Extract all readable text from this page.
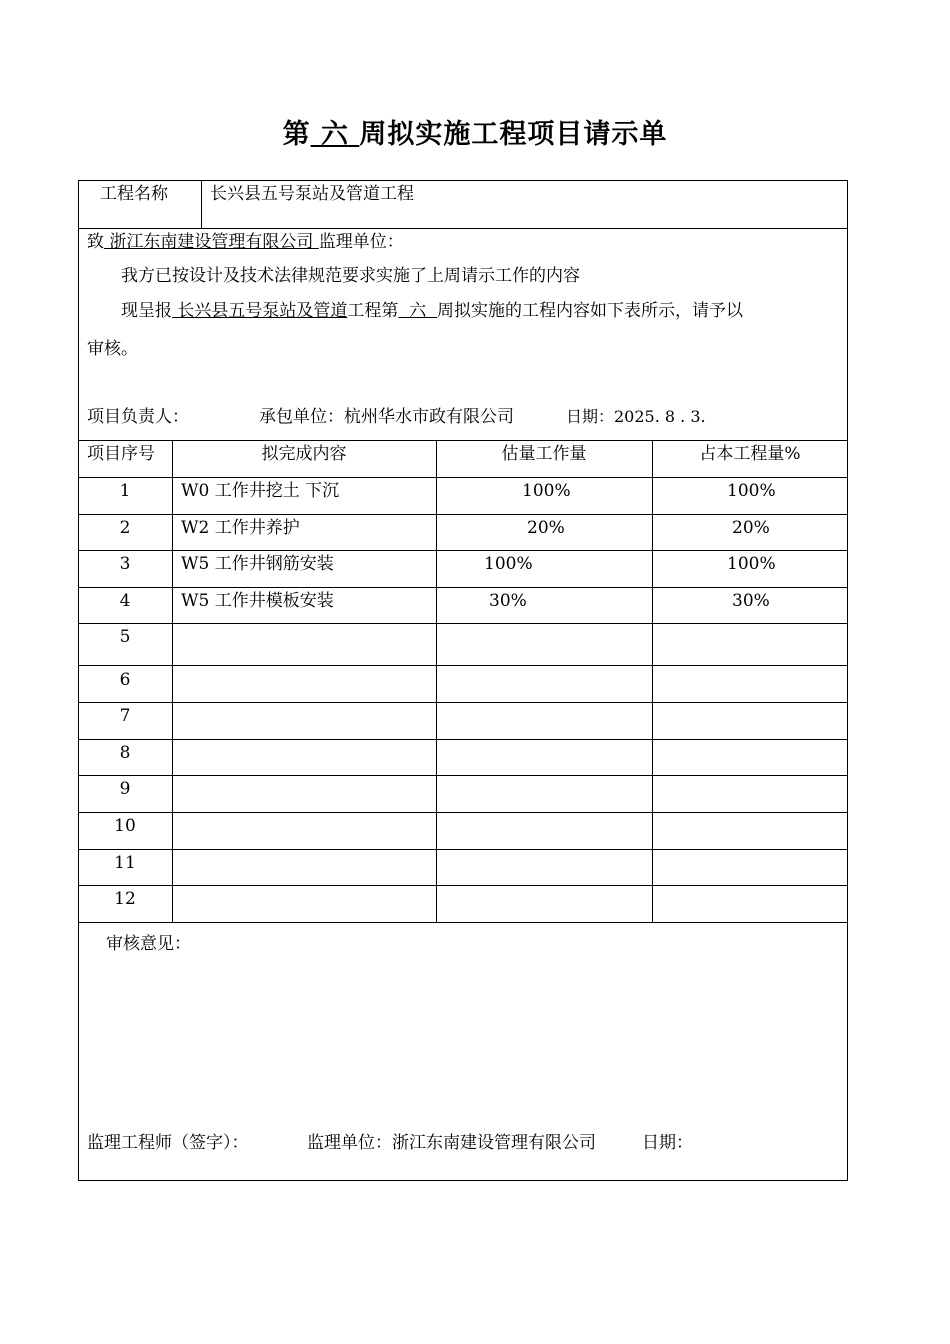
第 六 周拟实施工程项目请示单
工程名称 长兴县五号泵站及管道工程
致 浙江东南建设管理有限公司 监理单位：
我方已按设计及技术法律规范要求实施了上周请示工作的内容
现呈报 长兴县五号泵站及管道工程第  六  周拟实施的工程内容如下表所示，请予以
审核。
项目负责人：	承包单位：杭州华水市政有限公司	日期：2025. 8 . 3.
项目序号	拟完成内容	估量工作量	占本工程量%
1	W0 工作井挖土 下沉	100%	100%
2	W2 工作井养护	20%	20%
3	W5 工作井钢筋安装	100%	100%
4	W5 工作井模板安装	30%	30%
5
6
7
8
9
10
11
12
审核意见：
监理工程师（签字）：	监理单位：浙江东南建设管理有限公司	日期：
